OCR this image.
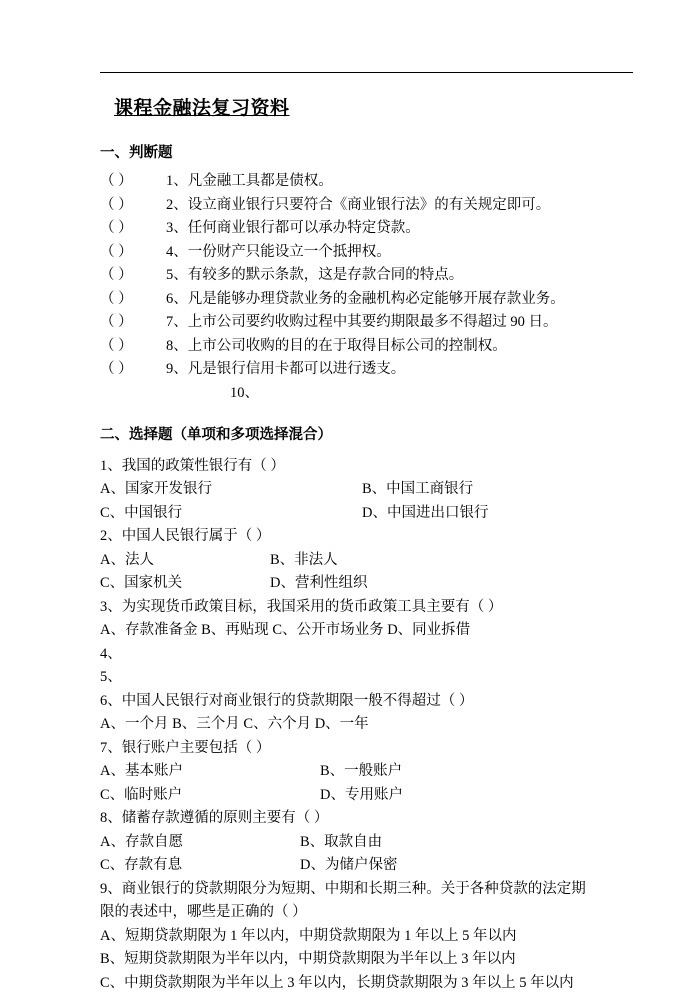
课程金融法复习资料
一、判断题
（ ） 1、凡金融工具都是债权。
（ ） 2、设立商业银行只要符合《商业银行法》的有关规定即可。
（ ） 3、任何商业银行都可以承办特定贷款。
（ ） 4、一份财产只能设立一个抵押权。
（ ） 5、有较多的默示条款，这是存款合同的特点。
（ ） 6、凡是能够办理贷款业务的金融机构必定能够开展存款业务。
（ ） 7、上市公司要约收购过程中其要约期限最多不得超过 90 日。
（ ） 8、上市公司收购的目的在于取得目标公司的控制权。
（ ） 9、凡是银行信用卡都可以进行透支。
10、
二、选择题（单项和多项选择混合）
1、我国的政策性银行有（ ）
A、国家开发银行	B、中国工商银行
C、中国银行	D、中国进出口银行
2、中国人民银行属于（ ）
A、法人	B、非法人
C、国家机关	D、营利性组织
3、为实现货币政策目标，我国采用的货币政策工具主要有（ ）
A、存款准备金 B、再贴现 C、公开市场业务 D、同业拆借
4、
5、
6、中国人民银行对商业银行的贷款期限一般不得超过（ ）
A、一个月 B、三个月 C、六个月 D、一年
7、银行账户主要包括（ ）
A、基本账户	B、一般账户
C、临时账户	D、专用账户
8、储蓄存款遵循的原则主要有（ ）
A、存款自愿	B、取款自由
C、存款有息	D、为储户保密
9、商业银行的贷款期限分为短期、中期和长期三种。关于各种贷款的法定期
限的表述中，哪些是正确的（ ）
A、短期贷款期限为 1 年以内，中期贷款期限为 1 年以上 5 年以内
B、短期贷款期限为半年以内，中期贷款期限为半年以上 3 年以内
C、中期贷款期限为半年以上 3 年以内，长期贷款期限为 3 年以上 5 年以内
